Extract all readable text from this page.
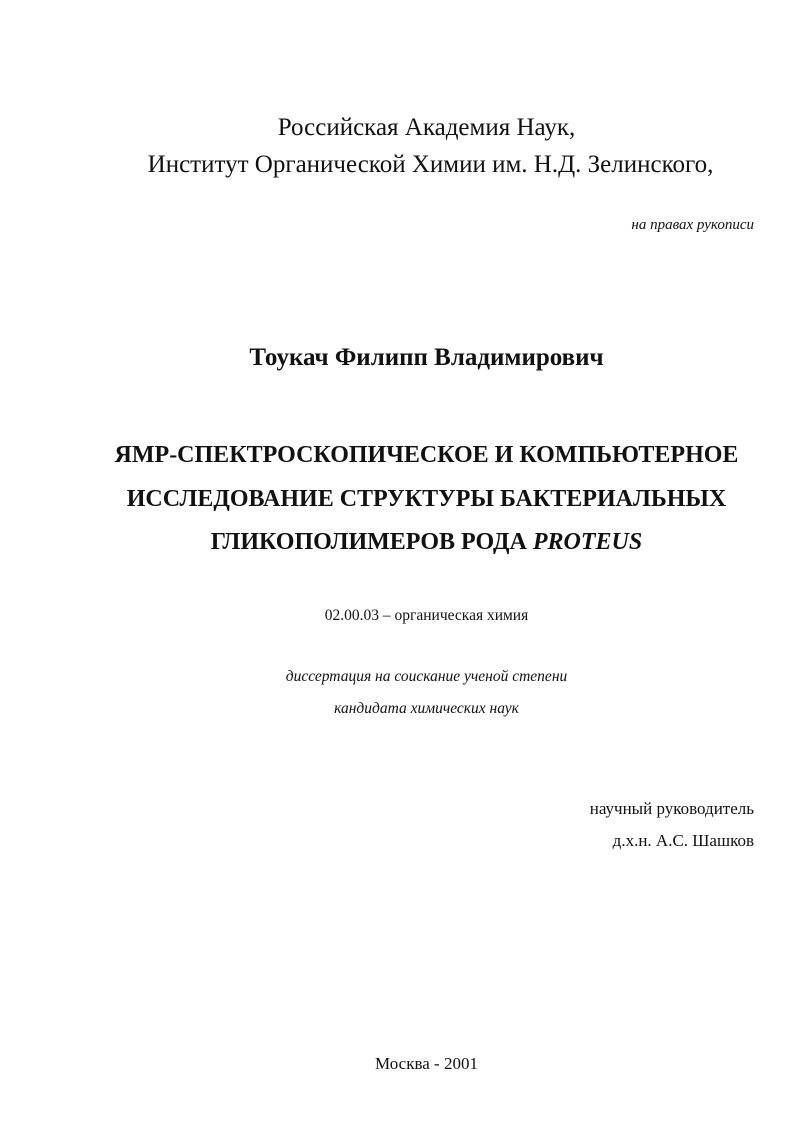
Российская Академия Наук,

Институт Органической Химии им. Н.Д. Зелинского,

на правах рукописи

Тоукач Филипп Владимирович

ЯМР-СПЕКТРОСКОПИЧЕСКОЕ И КОМПЬЮТЕРНОЕ

ИССЛЕДОВАНИЕ СТРУКТУРЫ БАКТЕРИАЛЬНЫХ

ГЛИКОПОЛИМЕРОВ РОДА PROTEUS

02.00.03 – органическая химия

диссертация на соискание ученой степени

кандидата химических наук

научный руководитель

д.х.н. А.С. Шашков

Москва - 2001
